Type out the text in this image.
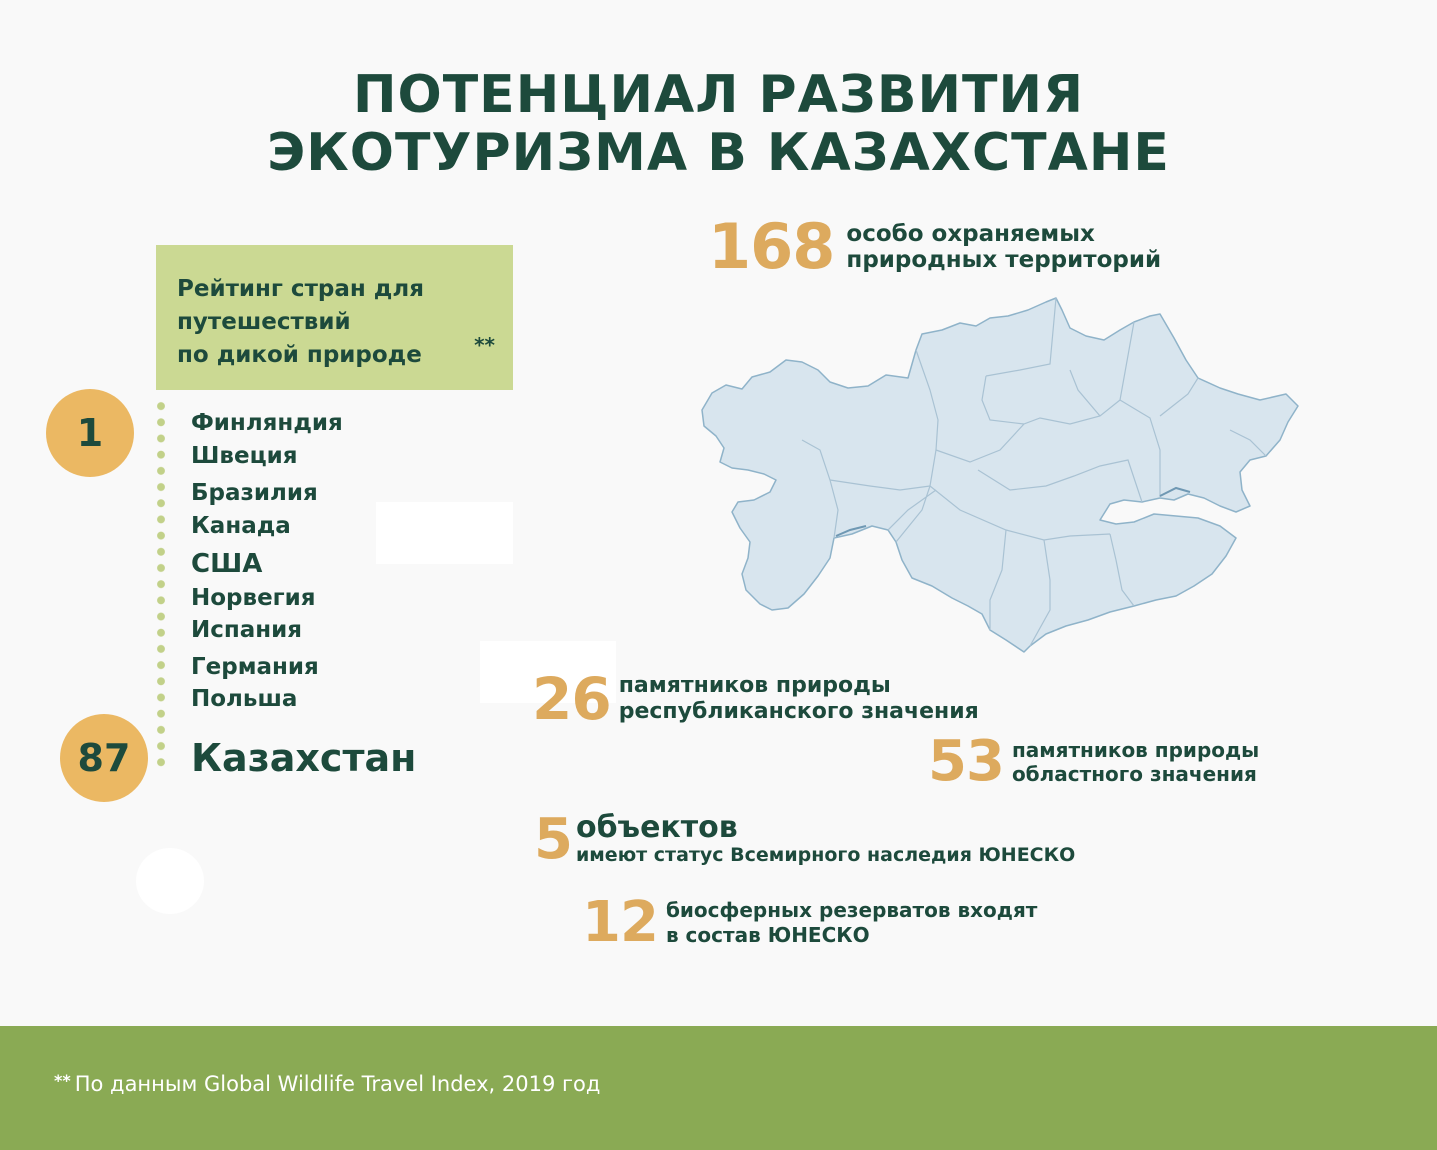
ПОТЕНЦИАЛ РАЗВИТИЯ
ЭКОТУРИЗМА В КАЗАХСТАНЕ
Рейтинг стран для
путешествий
по дикой природе	**
1
87
Финляндия
Швеция
Бразилия
Канада
США
Норвегия
Испания
Германия
Польша
Казахстан
168 особо охраняемых
природных территорий
26 памятников природы
республиканского значения
53 памятников природы
областного значения
5 объектов
имеют статус Всемирного наследия ЮНЕСКО
12 биосферных резерватов входят
в состав ЮНЕСКО
** По данным Global Wildlife Travel Index, 2019 год
